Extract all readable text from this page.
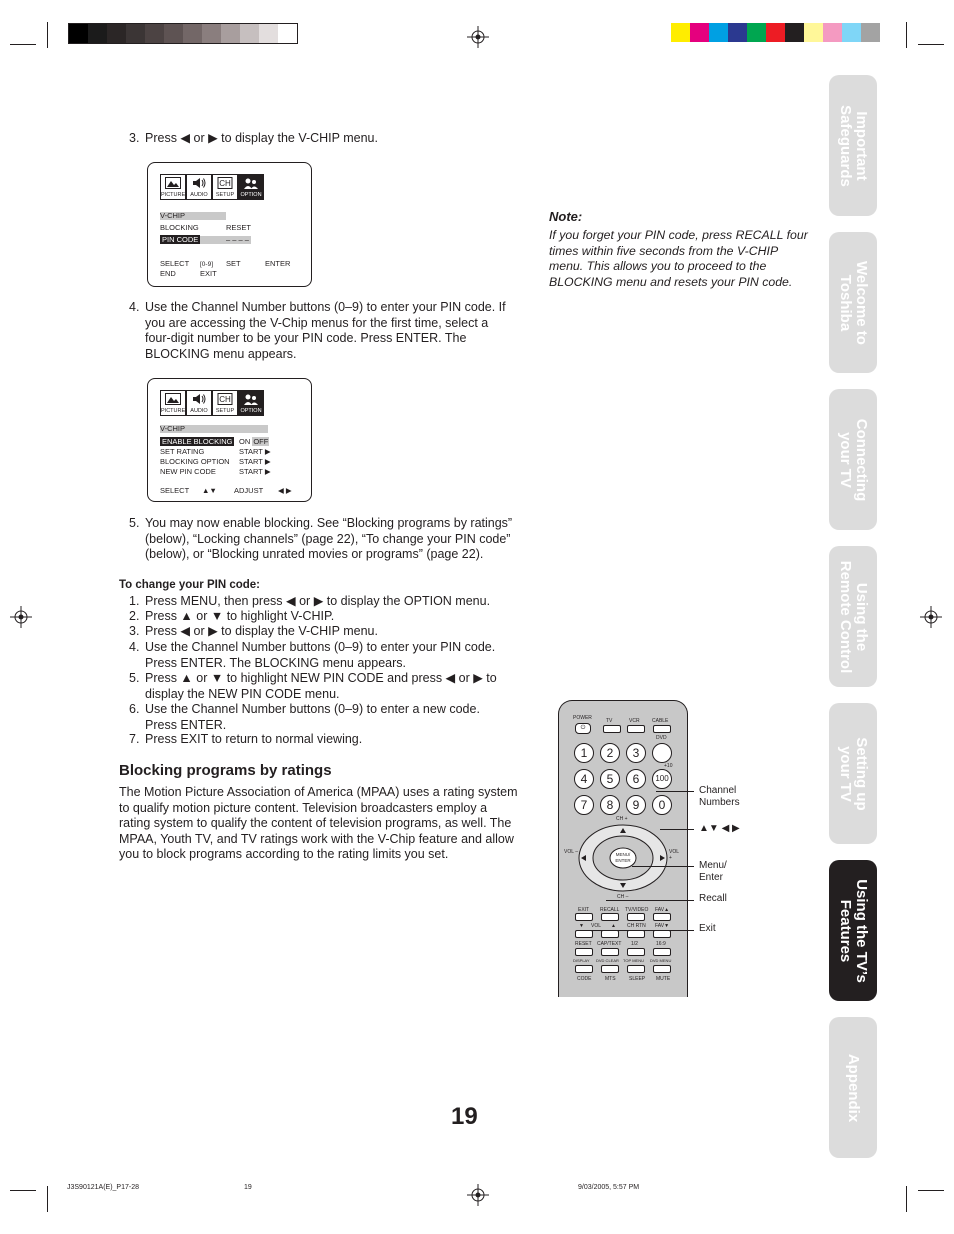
3. Press ◀ or ▶ to display the V-CHIP menu.
PICTURE AUDIO
CH
SETUP	OPTION
V-CHIP
BLOCKING	RESET
PIN CODE	– – – –
SELECT [0-9] SET	ENTER
END	EXIT
4. Use the Channel Number buttons (0–9) to enter your PIN code. If you are accessing the V-Chip menus for the first time, select a four-digit number to be your PIN code. Press ENTER. The BLOCKING menu appears.
PICTURE AUDIO
CH
SETUP	OPTION
V-CHIP
ENABLE BLOCKING ON OFF
SET RATING	START ▶
BLOCKING OPTION START ▶
NEW PIN CODE	START ▶
SELECT ▲▼ ADJUST ◀ ▶
5. You may now enable blocking. See “Blocking programs by ratings” (below), “Locking channels” (page 22), “To change your PIN code” (below), or “Blocking unrated movies or programs” (page 22).
To change your PIN code:
1. Press MENU, then press ◀ or ▶ to display the OPTION menu.
2. Press ▲ or ▼ to highlight V-CHIP.
3. Press ◀ or ▶ to display the V-CHIP menu.
4. Use the Channel Number buttons (0–9) to enter your PIN code. Press ENTER. The BLOCKING menu appears.
5. Press ▲ or ▼ to highlight NEW PIN CODE and press ◀ or ▶ to display the NEW PIN CODE menu.
6. Use the Channel Number buttons (0–9) to enter a new code. Press ENTER.
7. Press EXIT to return to normal viewing.
Blocking programs by ratings
The Motion Picture Association of America (MPAA) uses a rating system to qualify motion picture content. Television broadcasters employ a rating system to qualify the content of television programs, as well. The MPAA, Youth TV, and TV ratings work with the V-Chip feature and allow you to block programs according to the rating limits you set.
Note:
If you forget your PIN code, press RECALL four times within five seconds from the V-CHIP menu. This allows you to proceed to the BLOCKING menu and resets your PIN code.
Important
Safeguards
Welcome to
Toshiba
Connecting
your TV
Using the
Remote Control
Setting up
your TV
Using the TV’s
Features
Appendix
POWER
⏻
TV	VCR CABLE
DVD
1	2	3
+10
4	5	6	100
7	8	9	0
CH +
MENU/ ENTER
VOL –	VOL +
CH –
EXIT RECALL TV/VIDEO FAV▲
▼ VOL ▲ CH RTN FAV▼
RESET CAP/TEXT 1/2	16:9
DISPLAY DVD CLEAR TOP MENU DVD MENU
CODE	MTS	SLEEP MUTE
Channel Numbers
▲▼ ◀ ▶
Menu/ Enter
Recall
Exit
19
J3S90121A(E)_P17-28	19	9/03/2005, 5:57 PM
